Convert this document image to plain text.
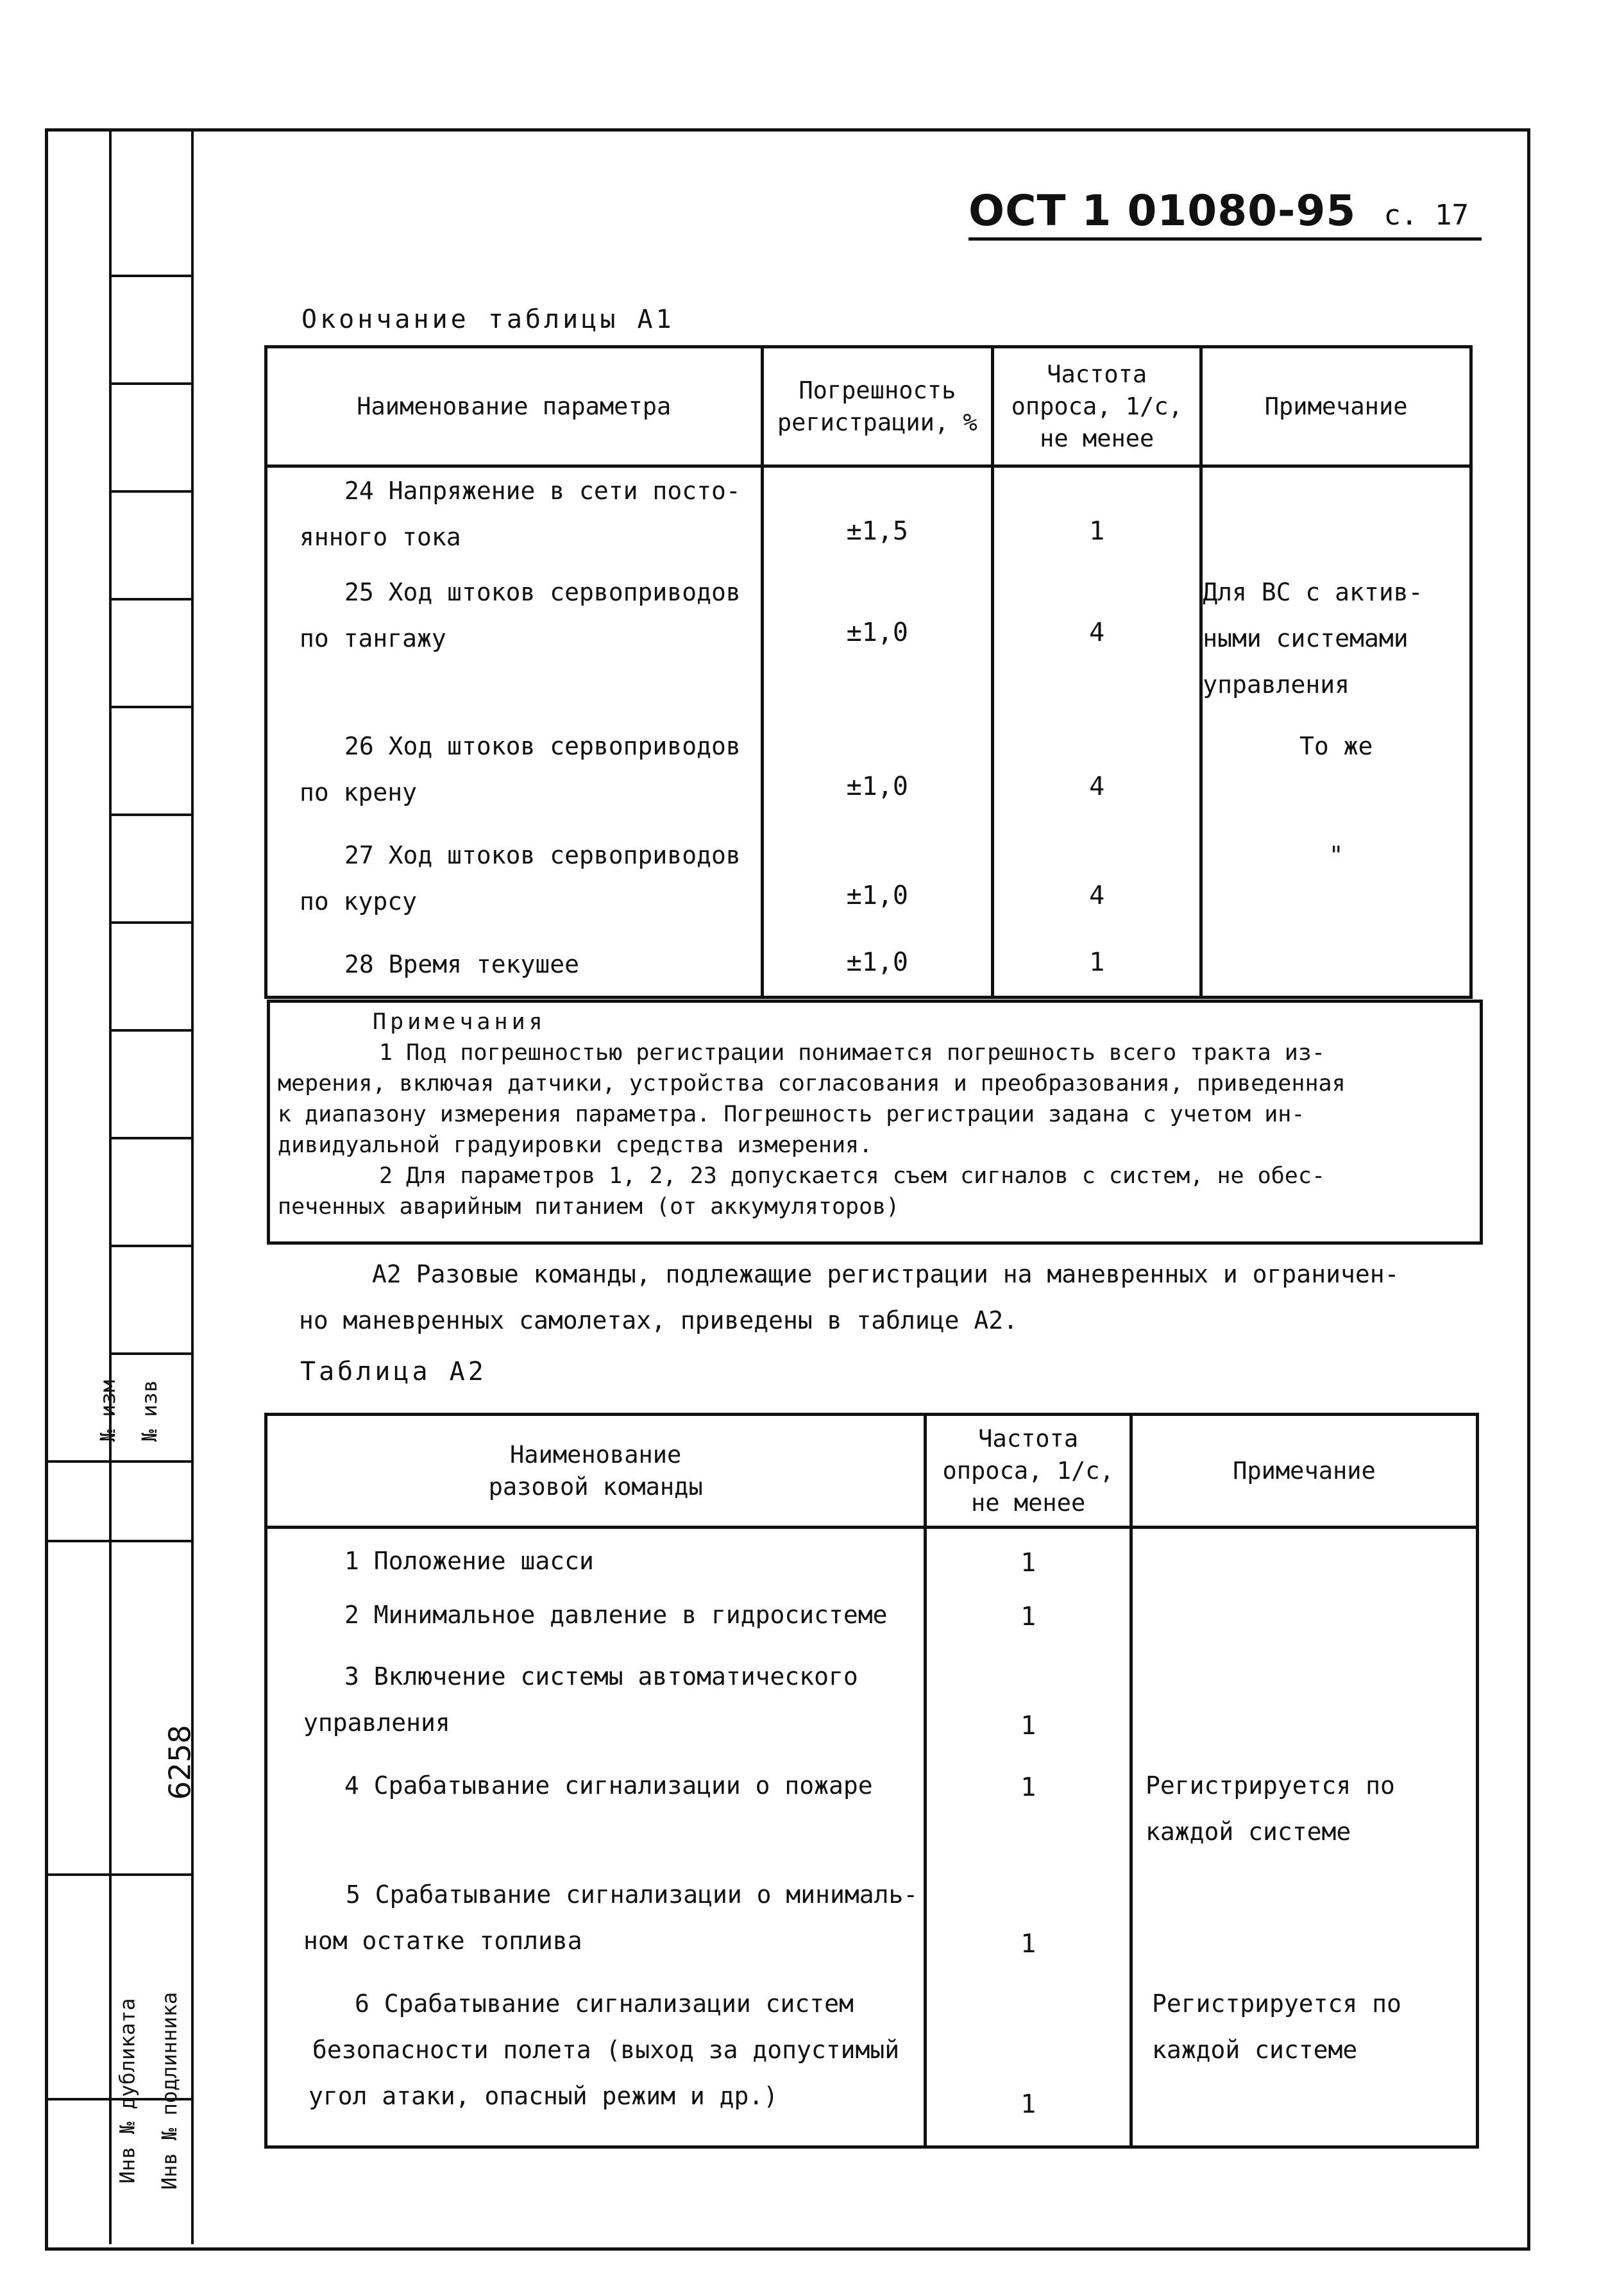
№ изм № изв
6258
Инв № дубликата Инв № подлинника
ОСТ 1 01080-95 с. 17
Окончание таблицы А1
Наименование параметра	Погрешность регистрации, %	Частота опроса, 1/с, не менее	Примечание

24 Напряжение в сети посто-
янного тока	±1,5	1	

25 Ход штоков сервоприводов
по тангажу	±1,0	4	Для ВС с актив-
ными системами
управления

26 Ход штоков сервоприводов
по крену	±1,0	4	То же

27 Ход штоков сервоприводов
по курсу	±1,0	4	"

28 Время текушее	±1,0	1	

Примечания

1 Под погрешностью регистрации понимается погрешность всего тракта из-

мерения, включая датчики, устройства согласования и преобразования, приведенная

к диапазону измерения параметра. Погрешность регистрации задана с учетом ин-

дивидуальной градуировки средства измерения.

2 Для параметров 1, 2, 23 допускается съем сигналов с систем, не обес-

печенных аварийным питанием (от аккумуляторов)

А2 Разовые команды, подлежащие регистрации на маневренных и ограничен-
но маневренных самолетах, приведены в таблице А2.
Таблица А2
Наименование разовой команды	Частота опроса, 1/с, не менее	Примечание

1 Положение шасси	1	

2 Минимальное давление в гидросистеме	1	

3 Включение системы автоматического
управления	1	

4 Срабатывание сигнализации о пожаре	1	Регистрируется по
каждой системе

5 Срабатывание сигнализации о минималь-
ном остатке топлива	1	

6 Срабатывание сигнализации систем
безопасности полета (выход за допустимый
угол атаки, опасный режим и др.)	1	Регистрируется по
каждой системе
